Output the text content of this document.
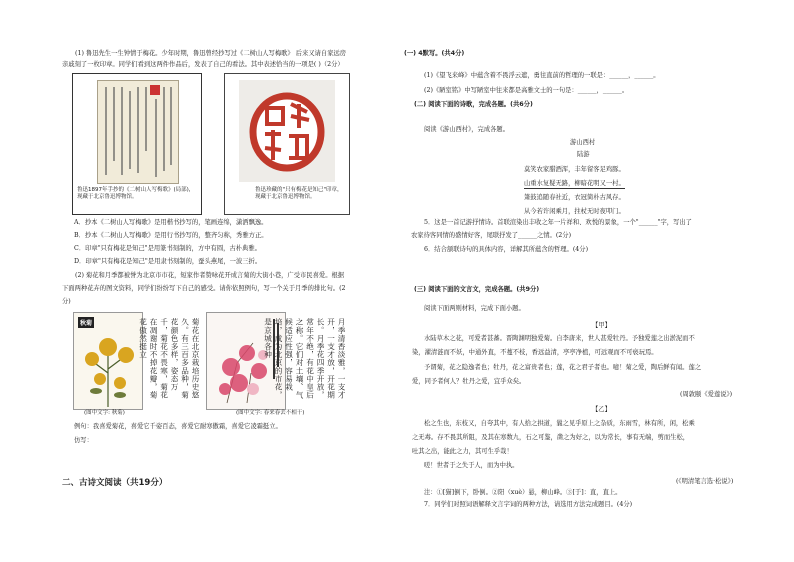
(1) 鲁迅先生一生钟情于梅花。少年时期，鲁迅曾经抄写过《二树山人写梅歌》 后来又请自家远房
亲戚刻了一枚印章。同学们看到这两件作品后，发表了自己的看法。其中表述恰当的一项是( )（2分）
鲁迅1897年手抄的《二树山人写梅歌》(局部)，现藏于北京鲁迅博物馆。
鲁迅珍藏的"只有梅花是知己"印章，现藏于北京鲁迅博物馆。
A．抄本《二树山人写梅歌》是用楷书抄写的，笔画连绵，潇洒飘逸。
B．抄本《二树山人写梅歌》是用行书抄写的，整齐匀称，秀雅方正。
C．印章"只有梅花是知己"是用篆书刻制的，方中有圆，古朴典雅。
D．印章"只有梅花是知己"是用隶书刻制的，蚕头燕尾，一波三折。
(2) 菊花和月季都被誉为北京市市花，短家作者赞咏花开成言菊的大街小巷，广受市民喜爱。根据
下面两种花卉的图文资料，同学们纷纷写下自己的感受。请你依照例句，写一个关于月季的排比句。(2
分)
秋菊	菊花在北京栽培历史悠久。有三百多品种，菊花颜色多样，姿态万千，菊花不畏寒，菊花在凋谢时不掉花瓣，菊花傲然挺立
(图中文字: 秋菊)
月季清香淡雅，一支才开，一支才放，开花期长。月季花四季开放，常年不绝，有花中皇后之称。它们对土壤、气候适应性强，容易栽培，成为北京的市花，是京城各种
(图中文字: 春来春去不相干)
例句：我喜爱菊花，喜爱它千姿百态，喜爱它耐寒傲霜，喜爱它凌霜挺立。
仿写：
二、古诗文阅读（共19分）
(一) 4默写。(共4分)
(1)《望飞来峰》中蕴含着不畏浮云遮，勇往直前的哲理的一联是：______，______。
(2)《陋室铭》中写陋室中往来都是高雅文士的一句是：______，______。
(二) 阅读下面的诗歌，完成各题。(共6分)
阅读《游山西村》，完成各题。
游山西村
陆游
莫笑农家腊酒浑，丰年留客足鸡豚。
山重水复疑无路，柳暗花明又一村。
箫鼓追随春社近，衣冠简朴古风存。
从今若许闲乘月，拄杖无时夜叩门。
5．这是一首记游抒情诗。首联渲染出丰收之年一片祥和、欢悦的景象，一个"______"字，写出了
农家待客同情的盛情好客，尾联抒发了______之情。(2分)
6．结合颔联诗句的具体内容，详解其所蕴含的哲理。(4分)
(三) 阅读下面的文言文，完成各题。(共9分)
阅读下面两则材料，完成下面小题。
【甲】
水陆草木之花，可爱者甚蕃。晋陶渊明独爱菊。自李唐来，世人甚爱牡丹。予独爱莲之出淤泥而不
染，濯清涟而不妖，中通外直，不蔓不枝，香远益清，亭亭净植，可远观而不可亵玩焉。
予谓菊，花之隐逸者也；牡丹，花之富贵者也；莲，花之君子者也。噫！菊之爱，陶后鲜有闻。莲之
爱，同予者何人？牡丹之爱，宜乎众矣。
(周敦颐《爱莲说》)
【乙】
松之生也，东枝又，自夸其中，有人拾之拱道，曩之见乎原上之杂质，东雨雪，林有所，闲，松乘
之无毒。存不畏其所阻，及其在寒数九，石之可鉴，凿之为好之，以为常长，事有无端，剪而生松，
吐其之出，能此之力，其可生乎哉！
嗟！世者于之失于人，而为中执。
(《明清笔言选·松说》)
注：①[猫]倒下，卧倒。②阳（xuè）悬，柳山峰。③[于]：直，直上。
7．同学们对照词语解释文言字词的两种方法，请选用方法完成题目。(4分)
